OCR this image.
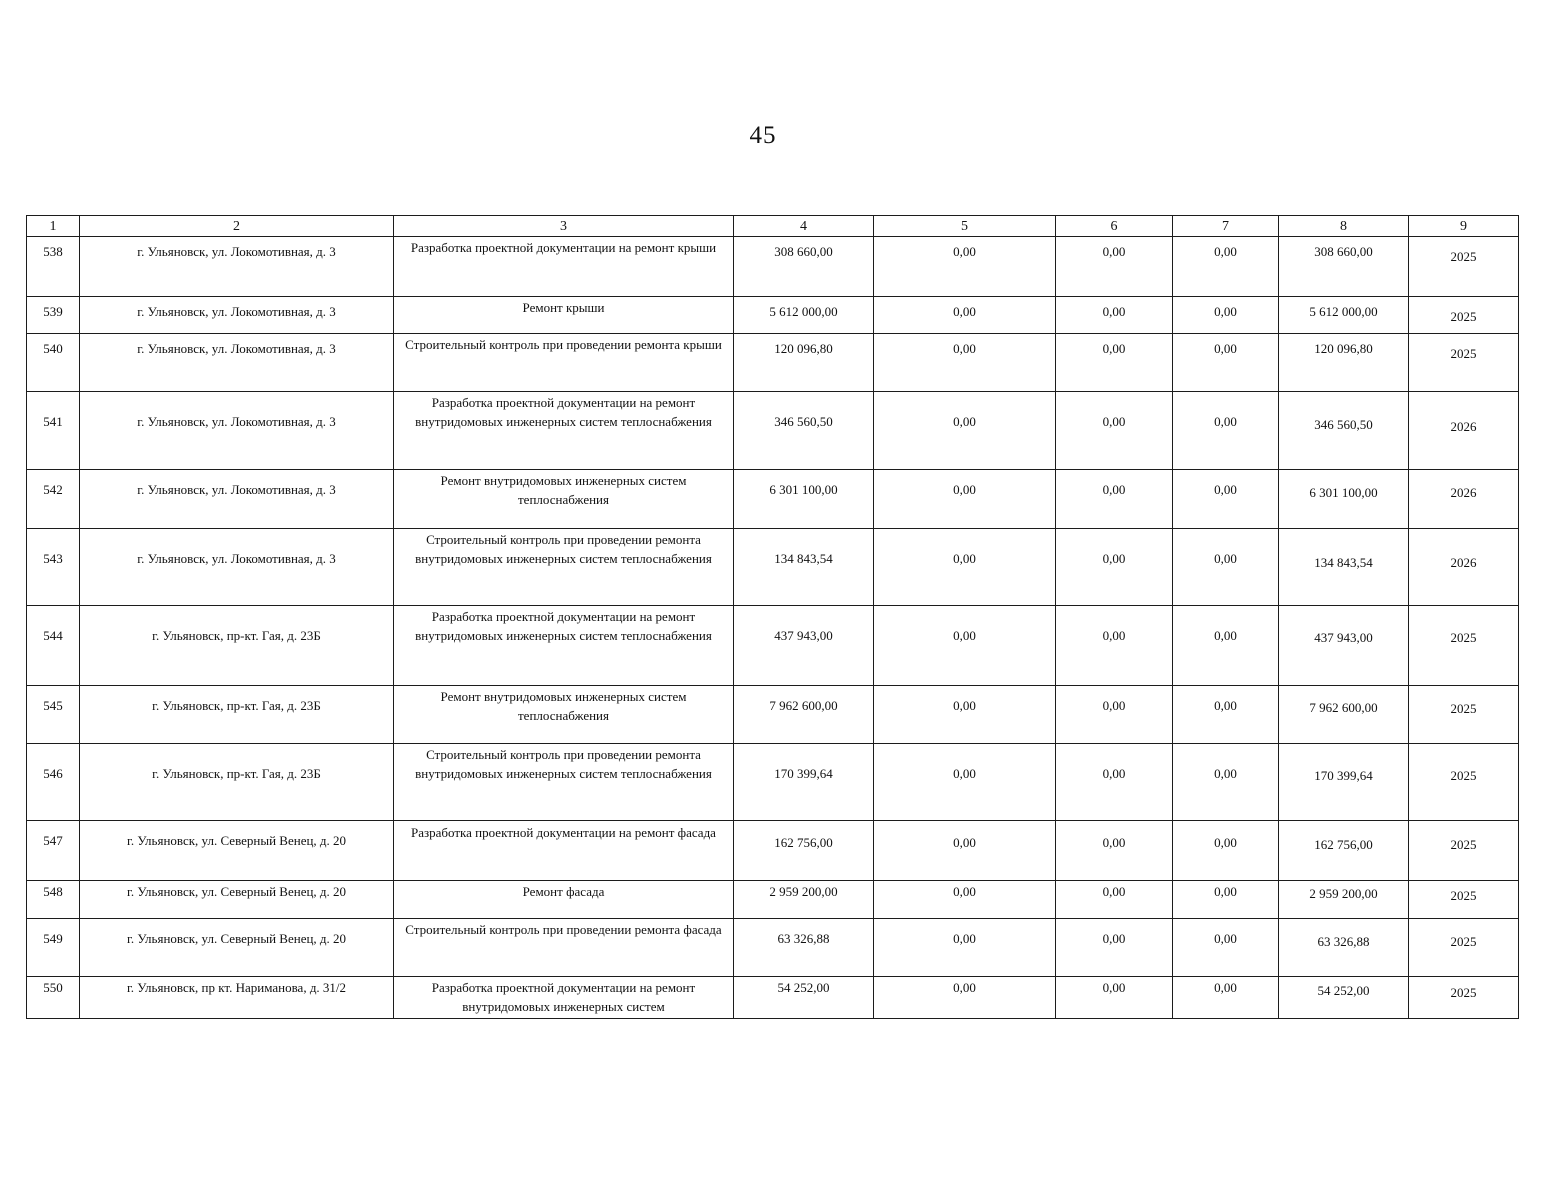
45
1	2	3	4	5	6	7	8	9
538	г. Ульяновск, ул. Локомотивная, д. 3	Разработка проектной документации на ремонт крыши	308 660,00	0,00	0,00	0,00	308 660,00	2025
539	г. Ульяновск, ул. Локомотивная, д. 3	Ремонт крыши	5 612 000,00	0,00	0,00	0,00	5 612 000,00	2025
540	г. Ульяновск, ул. Локомотивная, д. 3	Строительный контроль при проведении ремонта крыши	120 096,80	0,00	0,00	0,00	120 096,80	2025
541	г. Ульяновск, ул. Локомотивная, д. 3	Разработка проектной документации на ремонт внутридомовых инженерных систем теплоснабжения	346 560,50	0,00	0,00	0,00	346 560,50	2026
542	г. Ульяновск, ул. Локомотивная, д. 3	Ремонт внутридомовых инженерных систем теплоснабжения	6 301 100,00	0,00	0,00	0,00	6 301 100,00	2026
543	г. Ульяновск, ул. Локомотивная, д. 3	Строительный контроль при проведении ремонта внутридомовых инженерных систем теплоснабжения	134 843,54	0,00	0,00	0,00	134 843,54	2026
544	г. Ульяновск, пр-кт. Гая, д. 23Б	Разработка проектной документации на ремонт внутридомовых инженерных систем теплоснабжения	437 943,00	0,00	0,00	0,00	437 943,00	2025
545	г. Ульяновск, пр-кт. Гая, д. 23Б	Ремонт внутридомовых инженерных систем теплоснабжения	7 962 600,00	0,00	0,00	0,00	7 962 600,00	2025
546	г. Ульяновск, пр-кт. Гая, д. 23Б	Строительный контроль при проведении ремонта внутридомовых инженерных систем теплоснабжения	170 399,64	0,00	0,00	0,00	170 399,64	2025
547	г. Ульяновск, ул. Северный Венец, д. 20	Разработка проектной документации на ремонт фасада	162 756,00	0,00	0,00	0,00	162 756,00	2025
548	г. Ульяновск, ул. Северный Венец, д. 20	Ремонт фасада	2 959 200,00	0,00	0,00	0,00	2 959 200,00	2025
549	г. Ульяновск, ул. Северный Венец, д. 20	Строительный контроль при проведении ремонта фасада	63 326,88	0,00	0,00	0,00	63 326,88	2025
550	г. Ульяновск, пр кт. Нариманова, д. 31/2	Разработка проектной документации на ремонт внутридомовых инженерных систем	54 252,00	0,00	0,00	0,00	54 252,00	2025
